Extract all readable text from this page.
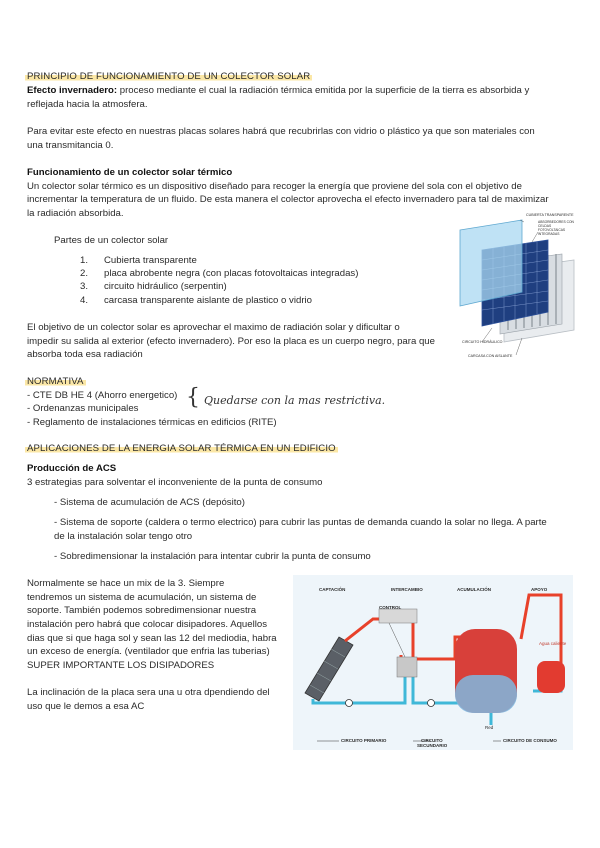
PRINCIPIO DE FUNCIONAMIENTO DE UN COLECTOR SOLAR

Efecto invernadero: proceso mediante el cual la radiación térmica emitida por la superficie de la tierra es absorbida y

reflejada hacia la atmosfera.

Para evitar este efecto en nuestras placas solares habrá que recubrirlas con vidrio o plástico ya que son materiales con

una transmitancia 0.

Funcionamiento de un colector solar térmico

Un colector solar térmico es un dispositivo diseñado para recoger la energía que proviene del sola con el objetivo de

incrementar la temperatura de un fluido. De esta manera el colector aprovecha el efecto invernadero para tal de maximizar

la radiación absorbida.

Partes de un colector solar

1. Cubierta transparente
2. placa abrobente negra (con placas fotovoltaicas integradas)
3. circuito hidráulico (serpentin)
4. carcasa transparente aislante de plastico o vidrio

El objetivo de un colector solar es aprovechar el maximo de radiación solar y dificultar o

impedir su salida al exterior (efecto invernadero). Por eso la placa es un cuerpo negro, para que

absorba toda esa radiación

CUBIERTA TRANSPARENTE
ABSORBEDORES CON CELDAS FOTOVOLTAICAS INTEGRADAS
CIRCUITO HIDRÁULICO
CARCASA CON AISLANTE

NORMATIVA

- CTE DB HE 4 (Ahorro energetico)

- Ordenanzas municipales

- Reglamento de instalaciones térmicas en edificios (RITE)

{ Quedarse con la mas restrictiva.

APLICACIONES DE LA ENERGIA SOLAR TÉRMICA EN UN EDIFICIO

Producción de ACS

3 estrategias para solventar el inconveniente de la punta de consumo

- Sistema de acumulación de ACS (depósito)

- Sistema de soporte (caldera o termo electrico) para cubrir las puntas de demanda cuando la solar no llega. A parte

de la instalación solar tengo otro

- Sobredimensionar la instalación para intentar cubrir la punta de consumo

Normalmente se hace un mix de la 3. Siempre

tendremos un sistema de acumulación, un sistema de

soporte. También podemos sobredimensionar nuestra

instalación pero habrá que colocar disipadores. Aquellos

dias que si que haga sol y sean las 12 del mediodia, habra

un exceso de energía. (ventilador que enfria las tuberias)

SUPER IMPORTANTE LOS DISIPADORES

La inclinación de la placa sera una u otra dpendiendo del

uso que le demos a esa AC

CAPTACIÓN	INTERCAMBIO	ACUMULACIÓN	APOYO
CONTROL
Agua caliente
Red
CIRCUITO PRIMARIO	CIRCUITO
SECUNDARIO
CIRCUITO DE CONSUMO
